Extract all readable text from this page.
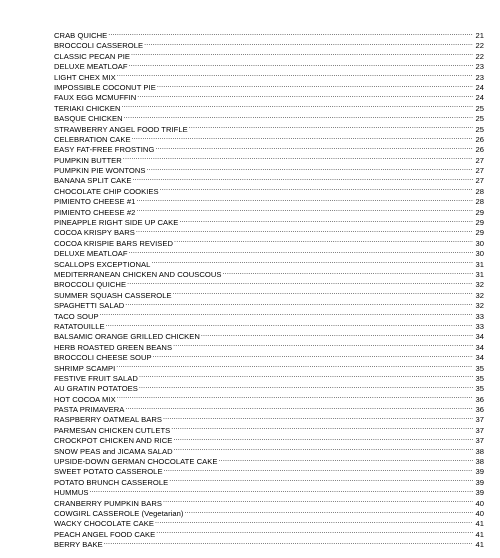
CRAB QUICHE .....	21
BROCCOLI CASSEROLE .....	22
CLASSIC PECAN PIE .....	22
DELUXE MEATLOAF .....	23
LIGHT CHEX MIX .....	23
IMPOSSIBLE COCONUT PIE .....	24
FAUX EGG MCMUFFIN .....	24
TERIAKI CHICKEN .....	25
BASQUE CHICKEN .....	25
STRAWBERRY ANGEL FOOD TRIFLE .....	25
CELEBRATION CAKE .....	26
EASY FAT-FREE FROSTING .....	26
PUMPKIN BUTTER .....	27
PUMPKIN PIE WONTONS .....	27
BANANA SPLIT CAKE .....	27
CHOCOLATE CHIP COOKIES .....	28
PIMIENTO CHEESE #1 .....	28
PIMIENTO CHEESE #2 .....	29
PINEAPPLE RIGHT SIDE UP CAKE .....	29
COCOA KRISPY BARS .....	29
COCOA KRISPIE BARS REVISED .....	30
DELUXE MEATLOAF .....	30
SCALLOPS EXCEPTIONAL .....	31
MEDITERRANEAN CHICKEN AND COUSCOUS .....	31
BROCCOLI QUICHE .....	32
SUMMER SQUASH CASSEROLE .....	32
SPAGHETTI SALAD .....	32
TACO SOUP .....	33
RATATOUILLE .....	33
BALSAMIC ORANGE GRILLED CHICKEN .....	34
HERB ROASTED GREEN BEANS .....	34
BROCCOLI CHEESE SOUP .....	34
SHRIMP SCAMPI .....	35
FESTIVE FRUIT SALAD .....	35
AU GRATIN POTATOES .....	35
HOT COCOA MIX .....	36
PASTA PRIMAVERA .....	36
RASPBERRY OATMEAL BARS .....	37
PARMESAN CHICKEN CUTLETS .....	37
CROCKPOT CHICKEN AND RICE .....	37
SNOW PEAS and JICAMA SALAD .....	38
UPSIDE-DOWN GERMAN CHOCOLATE CAKE .....	38
SWEET POTATO CASSEROLE .....	39
POTATO BRUNCH CASSEROLE .....	39
HUMMUS .....	39
CRANBERRY PUMPKIN BARS .....	40
COWGIRL CASSEROLE (Vegetarian) .....	40
WACKY CHOCOLATE CAKE .....	41
PEACH ANGEL FOOD CAKE .....	41
BERRY BAKE .....	41
